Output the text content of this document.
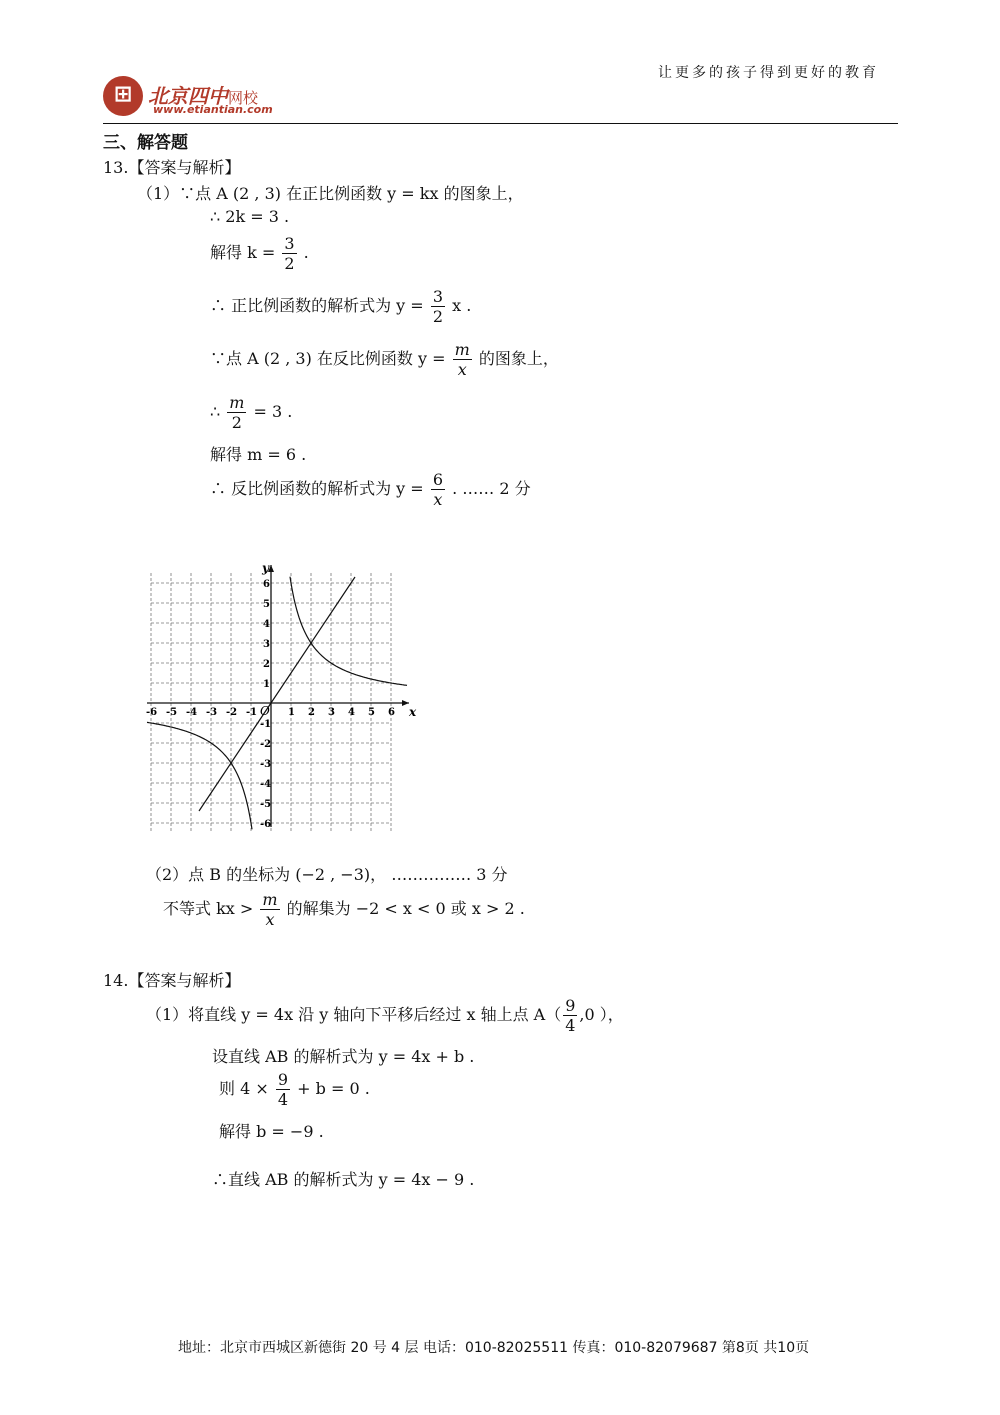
⊞ 北京四中网校
www.etiantian.com
让更多的孩子得到更好的教育
三、解答题
13.【答案与解析】
（1）∵点 A (2 , 3) 在正比例函数 y = kx 的图象上，
∴ 2k = 3 .
解得 $k = \frac{3}{2}$ .
∴ 正比例函数的解析式为 $y = \frac{3}{2}$ x .
∵点 A (2 , 3) 在反比例函数 $y = \frac{m}{x}$ 的图象上，
∴ $\frac{m}{2} = 3$ .
解得 m = 6 .
∴ 反比例函数的解析式为 $y = \frac{6}{x}$ . …… 2 分
-6 -5 -4 -3 -2 -1	1 2 3 4 5 6
6
5
4
3
2
1
-1
-2
-3
-4
-5
-6
x
y
O
（2）点 B 的坐标为 (−2 , −3)， …………… 3 分
不等式 kx > $\frac{m}{x}$ 的解集为 −2 < x < 0 或 x > 2 .
14.【答案与解析】
（1）将直线 y = 4x 沿 y 轴向下平移后经过 x 轴上点 $A( \frac{9}{4} ,0$ ），
设直线 AB 的解析式为 y = 4x + b .
则 $4 \times \frac{9}{4} + b = 0$ .
解得 b = −9 .
∴直线 AB 的解析式为 y = 4x − 9 .
地址：北京市西城区新德街 20 号 4 层 电话：010-82025511 传真：010-82079687 第8页 共10页
